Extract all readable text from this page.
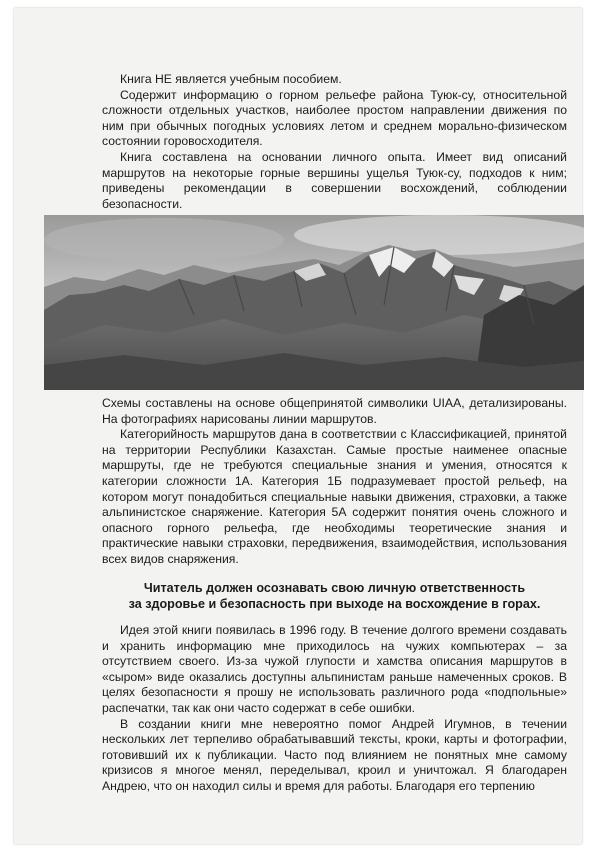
Книга НЕ является учебным пособием.

Содержит информацию о горном рельефе района Туюк-су, относительной сложности отдельных участков, наиболее простом направлении движения по ним при обычных погодных условиях летом и среднем морально-физическом состоянии горовосходителя.

Книга составлена на основании личного опыта. Имеет вид описаний маршрутов на некоторые горные вершины ущелья Туюк-су, подходов к ним; приведены рекомендации в совершении восхождений, соблюдении безопасности.

Схемы составлены на основе общепринятой символики UIAA, детализированы. На фотографиях нарисованы линии маршрутов.

Категорийность маршрутов дана в соответствии с Классификацией, принятой на территории Республики Казахстан. Самые простые наименее опасные маршруты, где не требуются специальные знания и умения, относятся к категории сложности 1А. Категория 1Б подразумевает простой рельеф, на котором могут понадобиться специальные навыки движения, страховки, а также альпинистское снаряжение. Категория 5А содержит понятия очень сложного и опасного горного рельефа, где необходимы теоретические знания и практические навыки страховки, передвижения, взаимодействия, использования всех видов снаряжения.

Читатель должен осознавать свою личную ответственность
за здоровье и безопасность при выходе на восхождение в горах.

Идея этой книги появилась в 1996 году. В течение долгого времени создавать и хранить информацию мне приходилось на чужих компьютерах – за отсутствием своего. Из-за чужой глупости и хамства описания маршрутов в «сыром» виде оказались доступны альпинистам раньше намеченных сроков. В целях безопасности я прошу не использовать различного рода «подпольные» распечатки, так как они часто содержат в себе ошибки.

В создании книги мне невероятно помог Андрей Игумнов, в течении нескольких лет терпеливо обрабатывавший тексты, кроки, карты и фотографии, готовивший их к публикации. Часто под влиянием не понятных мне самому кризисов я многое менял, переделывал, кроил и уничтожал. Я благодарен Андрею, что он находил силы и время для работы. Благодаря его терпению
